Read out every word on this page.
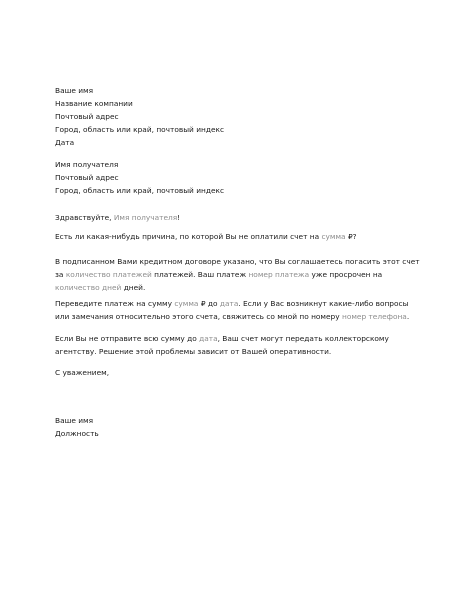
Ваше имя
Название компании
Почтовый адрес
Город, область или край, почтовый индекс
Дата
Имя получателя
Почтовый адрес
Город, область или край, почтовый индекс
Здравствуйте, Имя получателя!
Есть ли какая-нибудь причина, по которой Вы не оплатили счет на сумма ₽?
В подписанном Вами кредитном договоре указано, что Вы соглашаетесь погасить этот счет
за количество платежей платежей. Ваш платеж номер платежа уже просрочен на
количество дней дней.
Переведите платеж на сумму сумма ₽ до дата. Если у Вас возникнут какие-либо вопросы
или замечания относительно этого счета, свяжитесь со мной по номеру номер телефона.
Если Вы не отправите всю сумму до дата, Ваш счет могут передать коллекторскому
агентству. Решение этой проблемы зависит от Вашей оперативности.
С уважением,
Ваше имя
Должность
